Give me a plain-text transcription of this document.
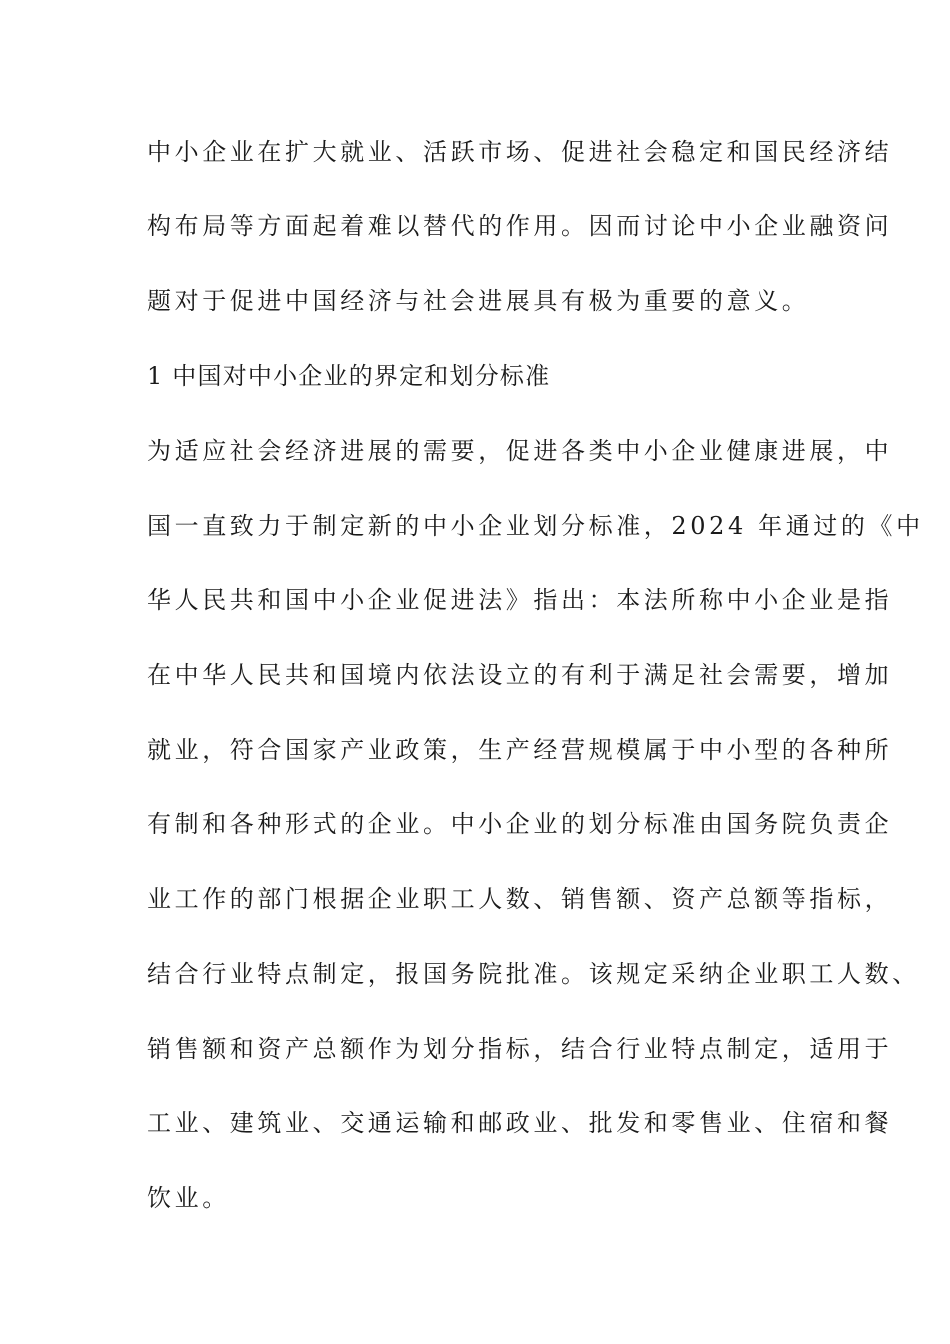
中小企业在扩大就业、活跃市场、促进社会稳定和国民经济结
构布局等方面起着难以替代的作用。因而讨论中小企业融资问
题对于促进中国经济与社会进展具有极为重要的意义。
1 中国对中小企业的界定和划分标准
为适应社会经济进展的需要，促进各类中小企业健康进展，中
国一直致力于制定新的中小企业划分标准，2024 年通过的《中
华人民共和国中小企业促进法》指出：本法所称中小企业是指
在中华人民共和国境内依法设立的有利于满足社会需要，增加
就业，符合国家产业政策，生产经营规模属于中小型的各种所
有制和各种形式的企业。中小企业的划分标准由国务院负责企
业工作的部门根据企业职工人数、销售额、资产总额等指标，
结合行业特点制定，报国务院批准。该规定采纳企业职工人数、
销售额和资产总额作为划分指标，结合行业特点制定，适用于
工业、建筑业、交通运输和邮政业、批发和零售业、住宿和餐
饮业。
